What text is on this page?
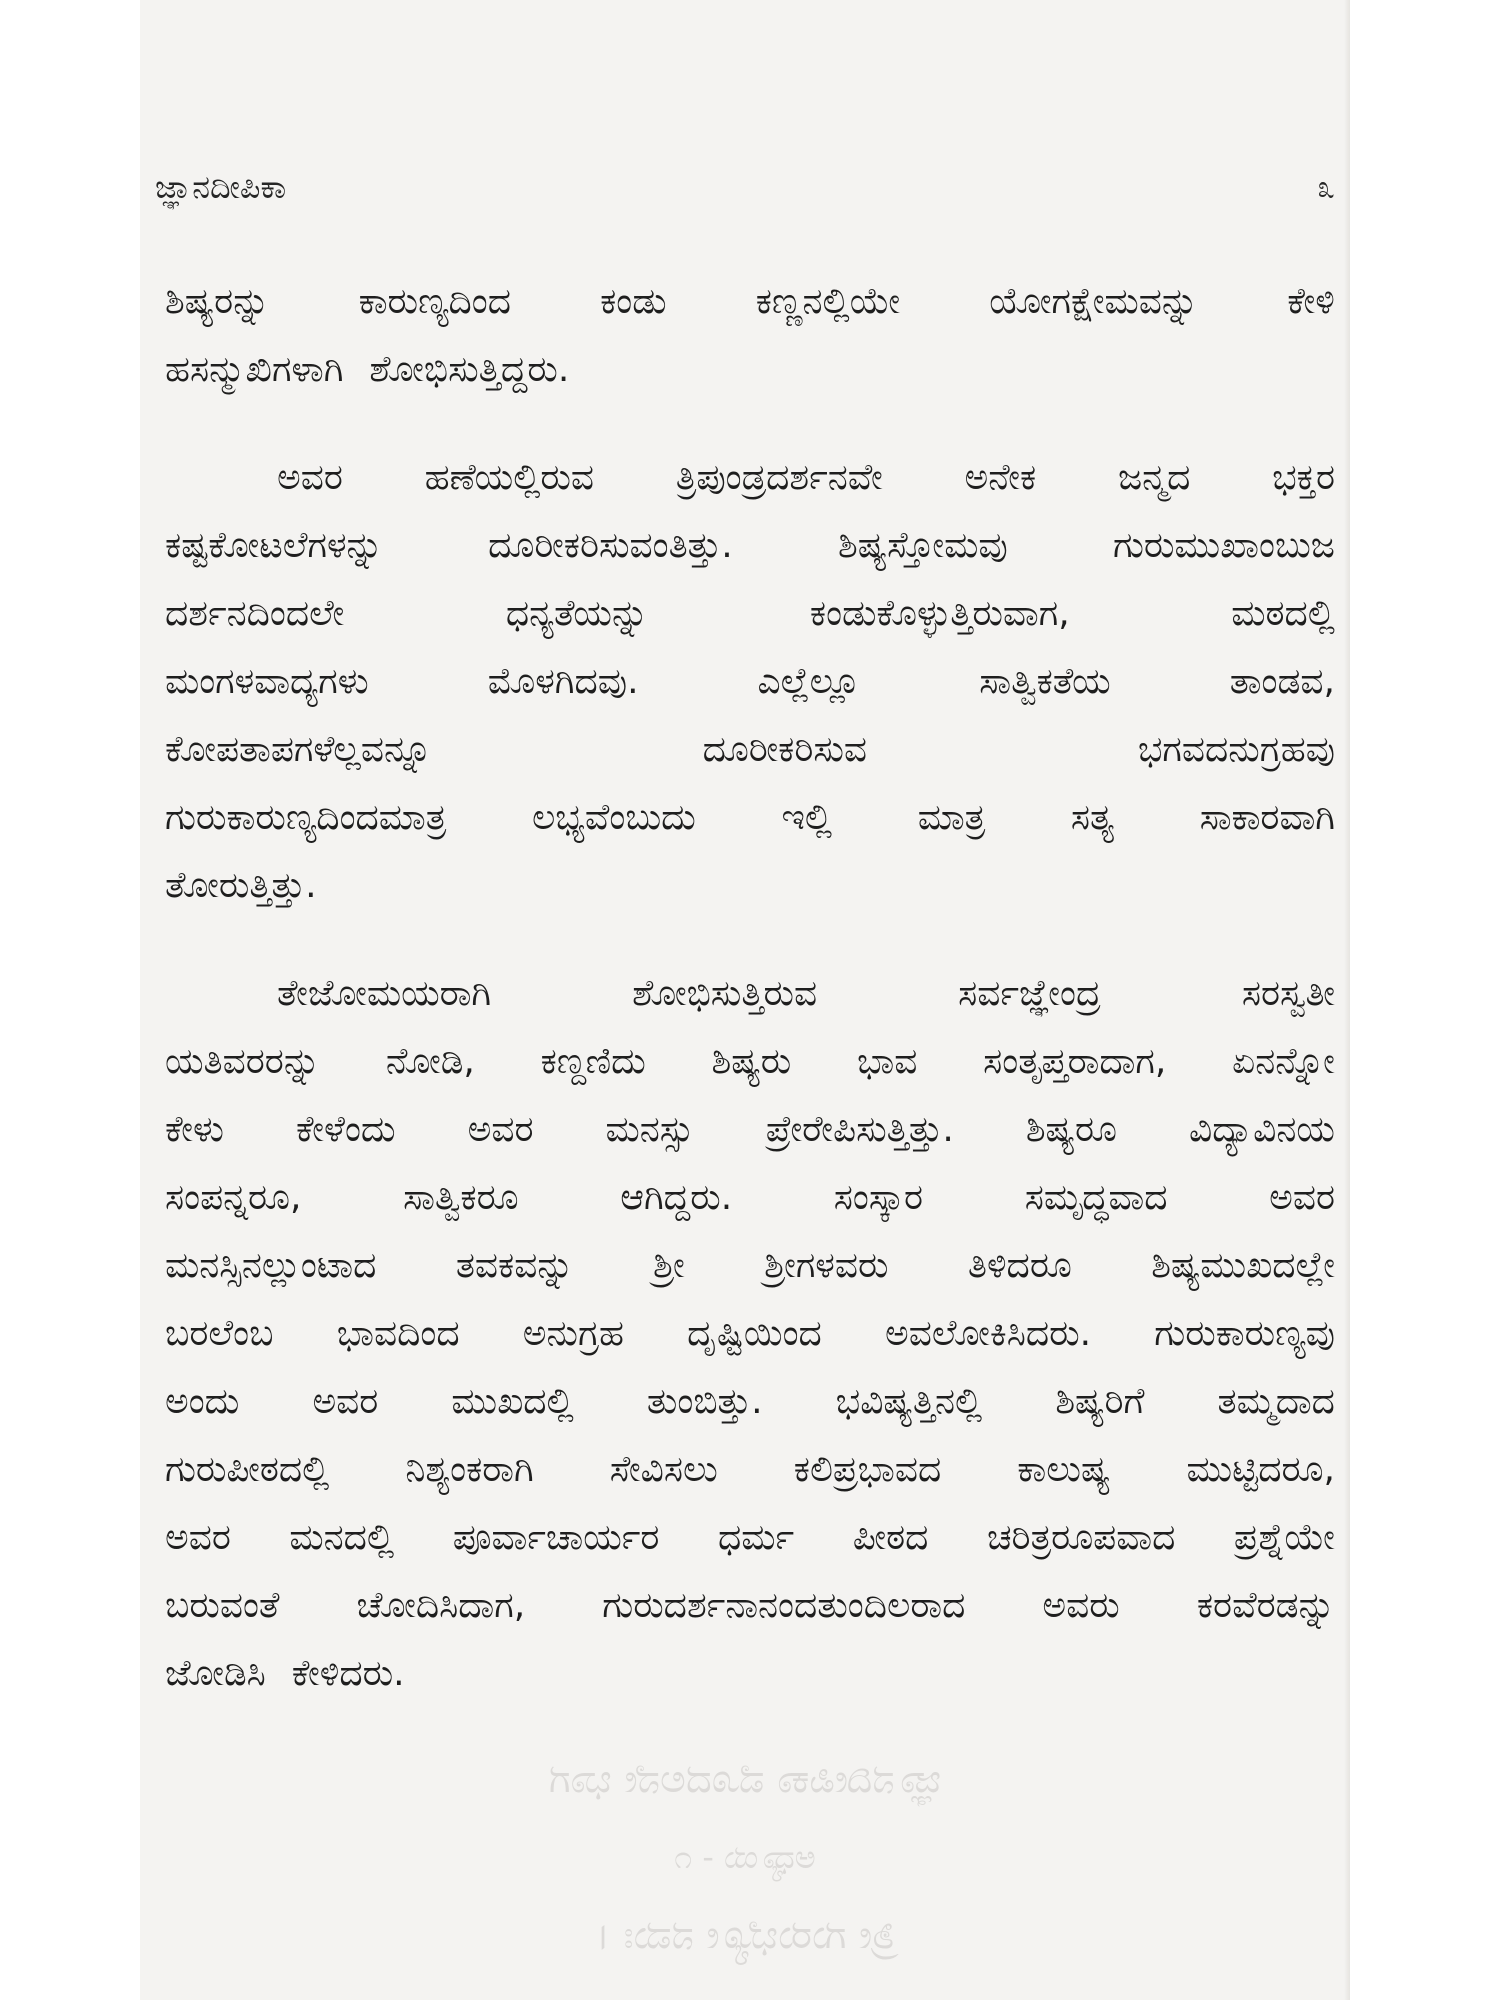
ಜ್ಞಾನದೀಪಿಕಾ	೩
ಶಿಷ್ಯರನ್ನು ಕಾರುಣ್ಯದಿಂದ ಕಂಡು ಕಣ್ಣನಲ್ಲಿಯೇ ಯೋಗಕ್ಷೇಮವನ್ನು ಕೇಳಿ
ಹಸನ್ಮುಖಿಗಳಾಗಿ ಶೋಭಿಸುತ್ತಿದ್ದರು.
ಅವರ ಹಣೆಯಲ್ಲಿರುವ ತ್ರಿಪುಂಡ್ರದರ್ಶನವೇ ಅನೇಕ ಜನ್ಮದ ಭಕ್ತರ
ಕಷ್ಟಕೋಟಲೆಗಳನ್ನು	ದೂರೀಕರಿಸುವಂತಿತ್ತು.	ಶಿಷ್ಯಸ್ತೋಮವು	ಗುರುಮುಖಾಂಬುಜ
ದರ್ಶನದಿಂದಲೇ	ಧನ್ಯತೆಯನ್ನು	ಕಂಡುಕೊಳ್ಳುತ್ತಿರುವಾಗ,	ಮಠದಲ್ಲಿ
ಮಂಗಳವಾದ್ಯಗಳು	ಮೊಳಗಿದವು.	ಎಲ್ಲೆಲ್ಲೂ	ಸಾತ್ವಿಕತೆಯ	ತಾಂಡವ,
ಕೋಪತಾಪಗಳೆಲ್ಲವನ್ನೂ	ದೂರೀಕರಿಸುವ	ಭಗವದನುಗ್ರಹವು
ಗುರುಕಾರುಣ್ಯದಿಂದಮಾತ್ರ ಲಭ್ಯವೆಂಬುದು ಇಲ್ಲಿ ಮಾತ್ರ ಸತ್ಯ ಸಾಕಾರವಾಗಿ
ತೋರುತ್ತಿತ್ತು.
ತೇಜೋಮಯರಾಗಿ	ಶೋಭಿಸುತ್ತಿರುವ	ಸರ್ವಜ್ಞೇಂದ್ರ	ಸರಸ್ವತೀ
ಯತಿವರರನ್ನು ನೋಡಿ, ಕಣ್ದಣಿದು ಶಿಷ್ಯರು ಭಾವ ಸಂತೃಪ್ತರಾದಾಗ, ಏನನ್ನೋ
ಕೇಳು ಕೇಳೆಂದು ಅವರ ಮನಸ್ಸು ಪ್ರೇರೇಪಿಸುತ್ತಿತ್ತು. ಶಿಷ್ಯರೂ ವಿದ್ಯಾವಿನಯ
ಸಂಪನ್ನರೂ,	ಸಾತ್ವಿಕರೂ	ಆಗಿದ್ದರು.	ಸಂಸ್ಕಾರ	ಸಮೃದ್ಧವಾದ	ಅವರ
ಮನಸ್ಸಿನಲ್ಲುಂಟಾದ ತವಕವನ್ನು ಶ್ರೀ ಶ್ರೀಗಳವರು ತಿಳಿದರೂ ಶಿಷ್ಯಮುಖದಲ್ಲೇ
ಬರಲೆಂಬ ಭಾವದಿಂದ ಅನುಗ್ರಹ ದೃಷ್ಟಿಯಿಂದ ಅವಲೋಕಿಸಿದರು. ಗುರುಕಾರುಣ್ಯವು
ಅಂದು ಅವರ ಮುಖದಲ್ಲಿ ತುಂಬಿತ್ತು. ಭವಿಷ್ಯತ್ತಿನಲ್ಲಿ ಶಿಷ್ಯರಿಗೆ ತಮ್ಮದಾದ
ಗುರುಪೀಠದಲ್ಲಿ ನಿಶ್ಯಂಕರಾಗಿ ಸೇವಿಸಲು ಕಲಿಪ್ರಭಾವದ ಕಾಲುಷ್ಯ ಮುಟ್ಟಿದರೂ,
ಅವರ ಮನದಲ್ಲಿ ಪೂರ್ವಾಚಾರ್ಯರ ಧರ್ಮ ಪೀಠದ ಚರಿತ್ರರೂಪವಾದ ಪ್ರಶ್ನೆಯೇ
ಬರುವಂತೆ ಚೋದಿಸಿದಾಗ, ಗುರುದರ್ಶನಾನಂದತುಂದಿಲರಾದ ಅವರು ಕರವೆರಡನ್ನು
ಜೋಡಿಸಿ ಕೇಳಿದರು.
ಜ್ಞಾನದೀಪಿಕಾ ಮೊದಲನೇ ಭಾಗ
ಅಧ್ಯಾಯ - ೧
ಶ್ರೀ ಗುರುಭ್ಯೋ ನಮಃ ।
